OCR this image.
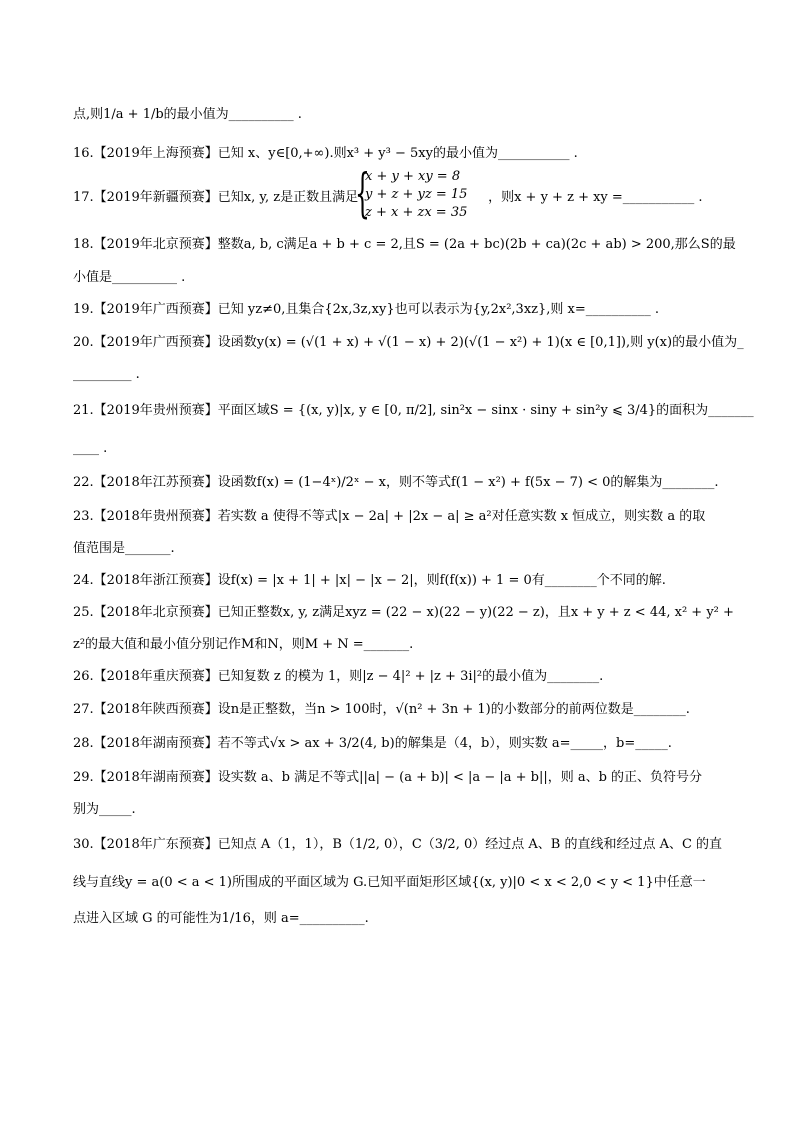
点,则1/a + 1/b的最小值为__________ .
16.【2019年上海预赛】已知 x、y∈[0,+∞).则x³ + y³ − 5xy的最小值为___________ .
17.【2019年新疆预赛】已知x, y, z是正数且满足	，则x + y + z + xy =___________ .
{
x + y + xy = 8
y + z + yz = 15
z + x + zx = 35
18.【2019年北京预赛】整数a, b, c满足a + b + c = 2,且S = (2a + bc)(2b + ca)(2c + ab) > 200,那么S的最
小值是__________ .
19.【2019年广西预赛】已知 yz≠0,且集合{2x,3z,xy}也可以表示为{y,2x²,3xz},则 x=__________ .
20.【2019年广西预赛】设函数y(x) = (√(1 + x) + √(1 − x) + 2)(√(1 − x²) + 1)(x ∈ [0,1]),则 y(x)的最小值为_
_________ .
21.【2019年贵州预赛】平面区域S = {(x, y)|x, y ∈ [0, π/2], sin²x − sinx · siny + sin²y ⩽ 3/4}的面积为_______
____ .
22.【2018年江苏预赛】设函数f(x) = (1−4ˣ)/2ˣ − x，则不等式f(1 − x²) + f(5x − 7) < 0的解集为________.
23.【2018年贵州预赛】若实数 a 使得不等式|x − 2a| + |2x − a| ≥ a²对任意实数 x 恒成立，则实数 a 的取
值范围是_______.
24.【2018年浙江预赛】设f(x) = |x + 1| + |x| − |x − 2|，则f(f(x)) + 1 = 0有________个不同的解.
25.【2018年北京预赛】已知正整数x, y, z满足xyz = (22 − x)(22 − y)(22 − z)，且x + y + z < 44, x² + y² +
z²的最大值和最小值分别记作M和N，则M + N =_______.
26.【2018年重庆预赛】已知复数 z 的模为 1，则|z − 4|² + |z + 3i|²的最小值为________.
27.【2018年陕西预赛】设n是正整数，当n > 100时，√(n² + 3n + 1)的小数部分的前两位数是________.
28.【2018年湖南预赛】若不等式√x > ax + 3/2(4, b)的解集是（4，b），则实数 a=_____，b=_____.
29.【2018年湖南预赛】设实数 a、b 满足不等式||a| − (a + b)| < |a − |a + b||，则 a、b 的正、负符号分
别为_____.
30.【2018年广东预赛】已知点 A（1，1），B（1/2, 0），C（3/2, 0）经过点 A、B 的直线和经过点 A、C 的直
线与直线y = a(0 < a < 1)所围成的平面区域为 G.已知平面矩形区域{(x, y)|0 < x < 2,0 < y < 1}中任意一
点进入区域 G 的可能性为1/16，则 a=__________.
